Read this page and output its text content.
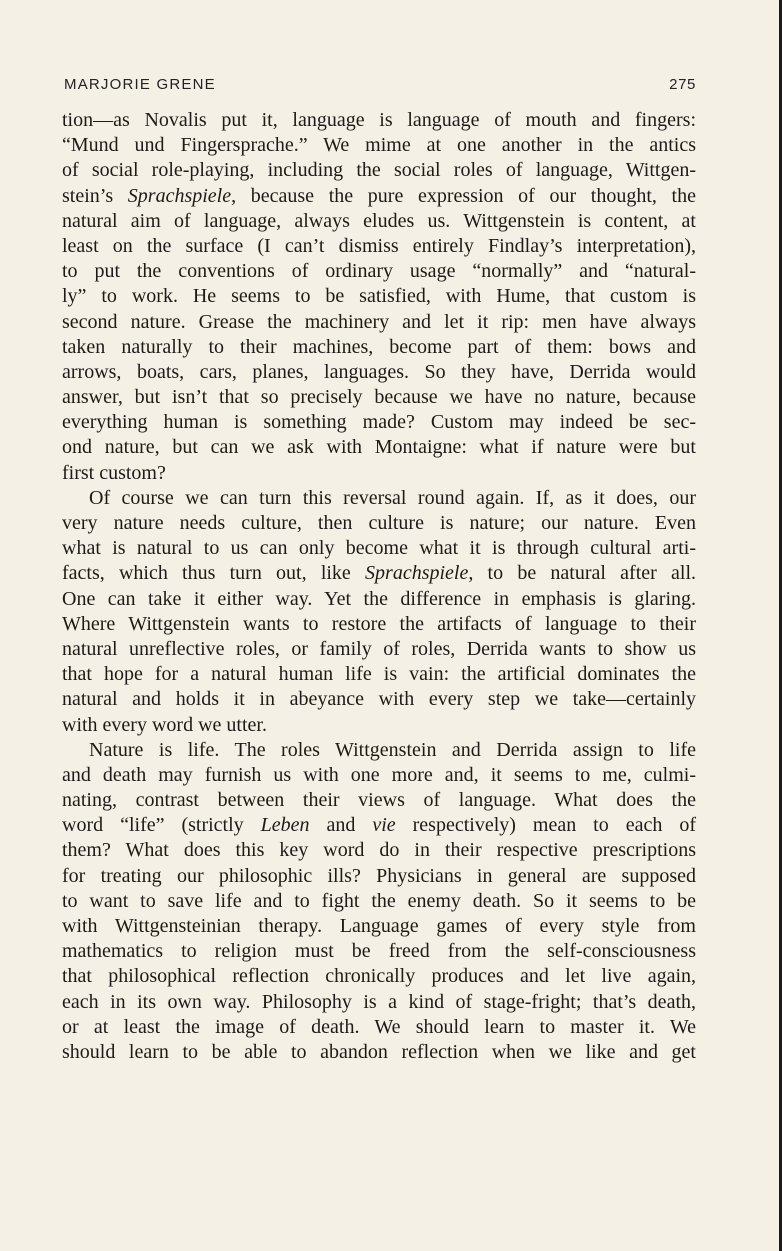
MARJORIE GRENE	275
tion—as Novalis put it, language is language of mouth and fingers:
“Mund und Fingersprache.” We mime at one another in the antics
of social role-playing, including the social roles of language, Wittgen-
stein’s Sprachspiele, because the pure expression of our thought, the
natural aim of language, always eludes us. Wittgenstein is content, at
least on the surface (I can’t dismiss entirely Findlay’s interpretation),
to put the conventions of ordinary usage “normally” and “natural-
ly” to work. He seems to be satisfied, with Hume, that custom is
second nature. Grease the machinery and let it rip: men have always
taken naturally to their machines, become part of them: bows and
arrows, boats, cars, planes, languages. So they have, Derrida would
answer, but isn’t that so precisely because we have no nature, because
everything human is something made? Custom may indeed be sec-
ond nature, but can we ask with Montaigne: what if nature were but
first custom?
Of course we can turn this reversal round again. If, as it does, our
very nature needs culture, then culture is nature; our nature. Even
what is natural to us can only become what it is through cultural arti-
facts, which thus turn out, like Sprachspiele, to be natural after all.
One can take it either way. Yet the difference in emphasis is glaring.
Where Wittgenstein wants to restore the artifacts of language to their
natural unreflective roles, or family of roles, Derrida wants to show us
that hope for a natural human life is vain: the artificial dominates the
natural and holds it in abeyance with every step we take—certainly
with every word we utter.
Nature is life. The roles Wittgenstein and Derrida assign to life
and death may furnish us with one more and, it seems to me, culmi-
nating, contrast between their views of language. What does the
word “life” (strictly Leben and vie respectively) mean to each of
them? What does this key word do in their respective prescriptions
for treating our philosophic ills? Physicians in general are supposed
to want to save life and to fight the enemy death. So it seems to be
with Wittgensteinian therapy. Language games of every style from
mathematics to religion must be freed from the self-consciousness
that philosophical reflection chronically produces and let live again,
each in its own way. Philosophy is a kind of stage-fright; that’s death,
or at least the image of death. We should learn to master it. We
should learn to be able to abandon reflection when we like and get
